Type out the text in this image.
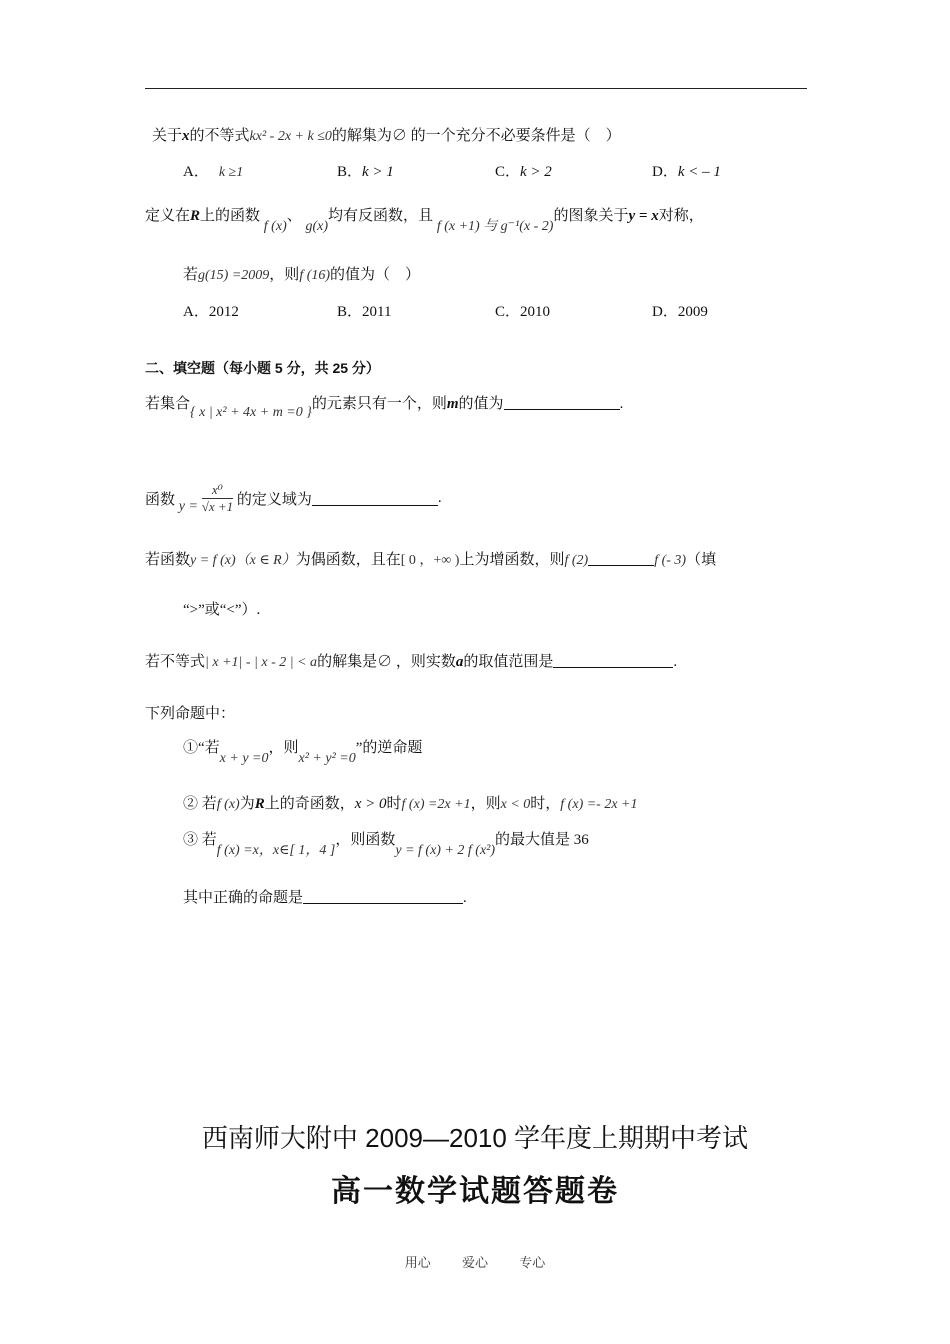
关于x的不等式kx² - 2x + k ≤0的解集为∅ 的一个充分不必要条件是（　）
A． k ≥1	B．k > 1	C．k > 2	D．k < – 1
定义在R上的函数 f (x)、 g(x)均有反函数，且 f (x +1) 与 g⁻¹(x - 2)的图象关于y = x对称，
若g(15) =2009，则f (16)的值为（　）
A．2012	B．2011	C．2010	D．2009
二、填空题（每小题 5 分，共 25 分）
若集合{ x | x² + 4x + m =0 }的元素只有一个，则m的值为	.
函数 $y = \frac{\text{x⁰}}{√x +1}$ 的定义域为	.
若函数y = f (x)（x ∈ R）为偶函数，且在[ 0 ，+∞ )上为增函数，则f (2)	f (- 3)（填
“>”或“<”）.
若不等式| x +1| - | x - 2 | < a的解集是∅ ，则实数a的取值范围是	.
下列命题中：
①“若x + y =0，则x² + y² =0”的逆命题
② 若f (x)为R上的奇函数，x > 0时f (x) =2x +1，则x < 0时，f (x) =- 2x +1
③ 若f (x) =x，x∈[ 1，4 ]，则函数y = f (x) + 2 f (x²)的最大值是 36
其中正确的命题是	.
西南师大附中 2009—2010 学年度上期期中考试
高一数学试题答题卷
用心 爱心 专心
